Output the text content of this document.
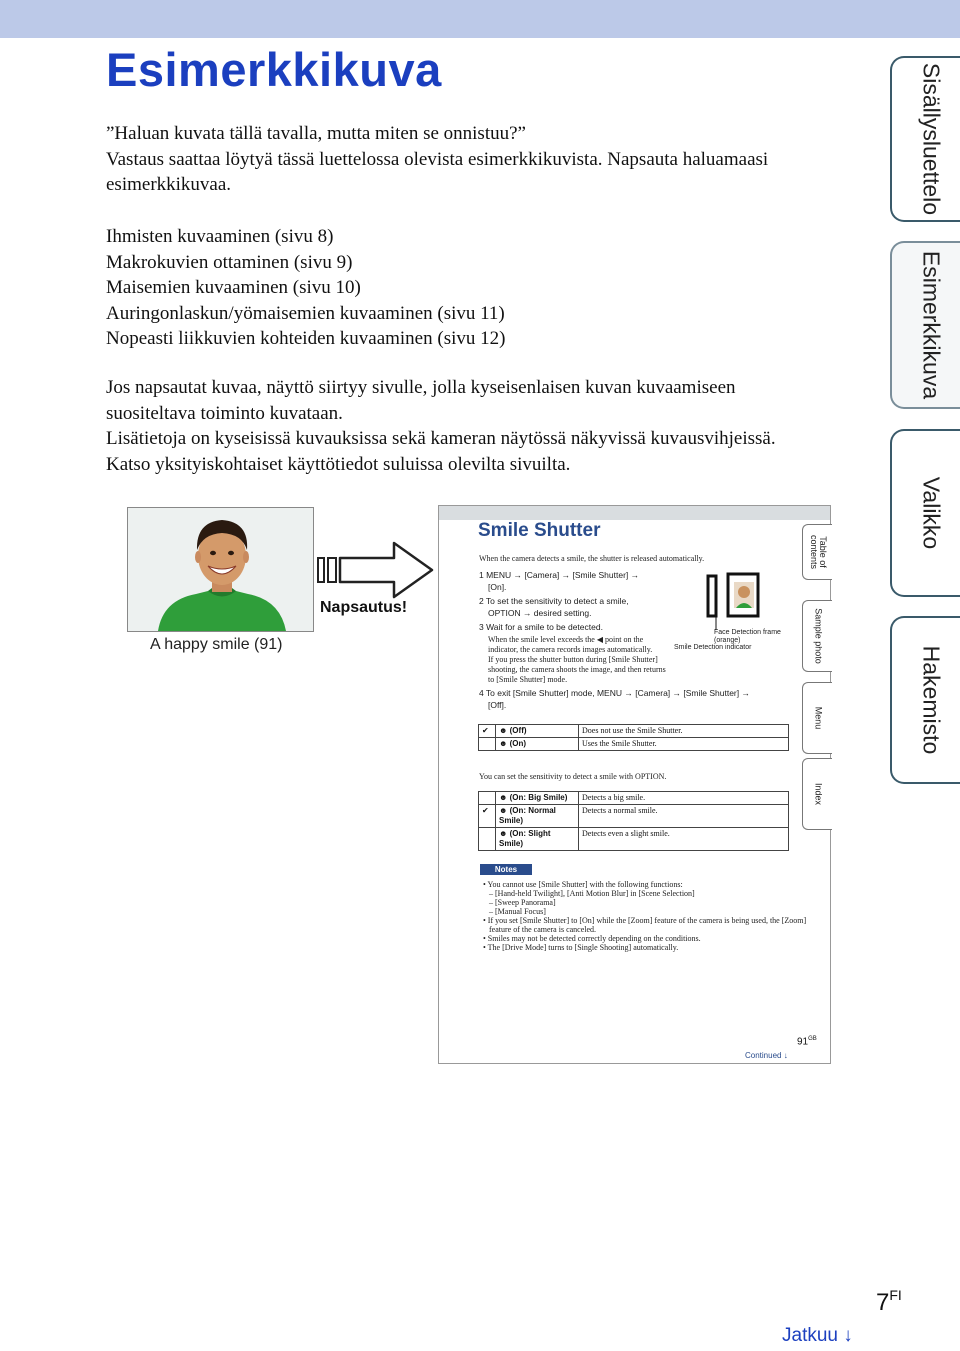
Esimerkkikuva
”Haluan kuvata tällä tavalla, mutta miten se onnistuu?”
Vastaus saattaa löytyä tässä luettelossa olevista esimerkkikuvista. Napsauta haluamaasi
esimerkkikuvaa.
Ihmisten kuvaaminen (sivu 8)
Makrokuvien ottaminen (sivu 9)
Maisemien kuvaaminen (sivu 10)
Auringonlaskun/yömaisemien kuvaaminen (sivu 11)
Nopeasti liikkuvien kohteiden kuvaaminen (sivu 12)
Jos napsautat kuvaa, näyttö siirtyy sivulle, jolla kyseisenlaisen kuvan kuvaamiseen
suositeltava toiminto kuvataan.
Lisätietoja on kyseisissä kuvauksissa sekä kameran näytössä näkyvissä kuvausvihjeissä.
Katso yksityiskohtaiset käyttötiedot suluissa olevilta sivuilta.
Sisällysluettelo
Esimerkkikuva
Valikko
Hakemisto
A happy smile (91)
Napsautus!
Smile Shutter
When the camera detects a smile, the shutter is released automatically.
1 MENU → [Camera] → [Smile Shutter] →
[On].
2 To set the sensitivity to detect a smile,
OPTION → desired setting.
3 Wait for a smile to be detected.
When the smile level exceeds the ◀ point on the
indicator, the camera records images automatically.
If you press the shutter button during [Smile Shutter]
shooting, the camera shoots the image, and then returns
to [Smile Shutter] mode.
4 To exit [Smile Shutter] mode, MENU → [Camera] → [Smile Shutter] →
[Off].
Face Detection frame
(orange)
Smile Detection indicator
✔	☻ (Off)	Does not use the Smile Shutter.
	☻ (On)	Uses the Smile Shutter.
You can set the sensitivity to detect a smile with OPTION.
	☻ (On: Big Smile)	Detects a big smile.
✔	☻ (On: Normal Smile)	Detects a normal smile.
	☻ (On: Slight Smile)	Detects even a slight smile.
Notes
• You cannot use [Smile Shutter] with the following functions:
– [Hand-held Twilight], [Anti Motion Blur] in [Scene Selection]
– [Sweep Panorama]
– [Manual Focus]
• If you set [Smile Shutter] to [On] while the [Zoom] feature of the camera is being used, the [Zoom]
feature of the camera is canceled.
• Smiles may not be detected correctly depending on the conditions.
• The [Drive Mode] turns to [Single Shooting] automatically.
$91^{GB}$
Continued ↓
Table of contents
Sample photo
Menu
Index
$7^{FI}$
Jatkuu ↓
